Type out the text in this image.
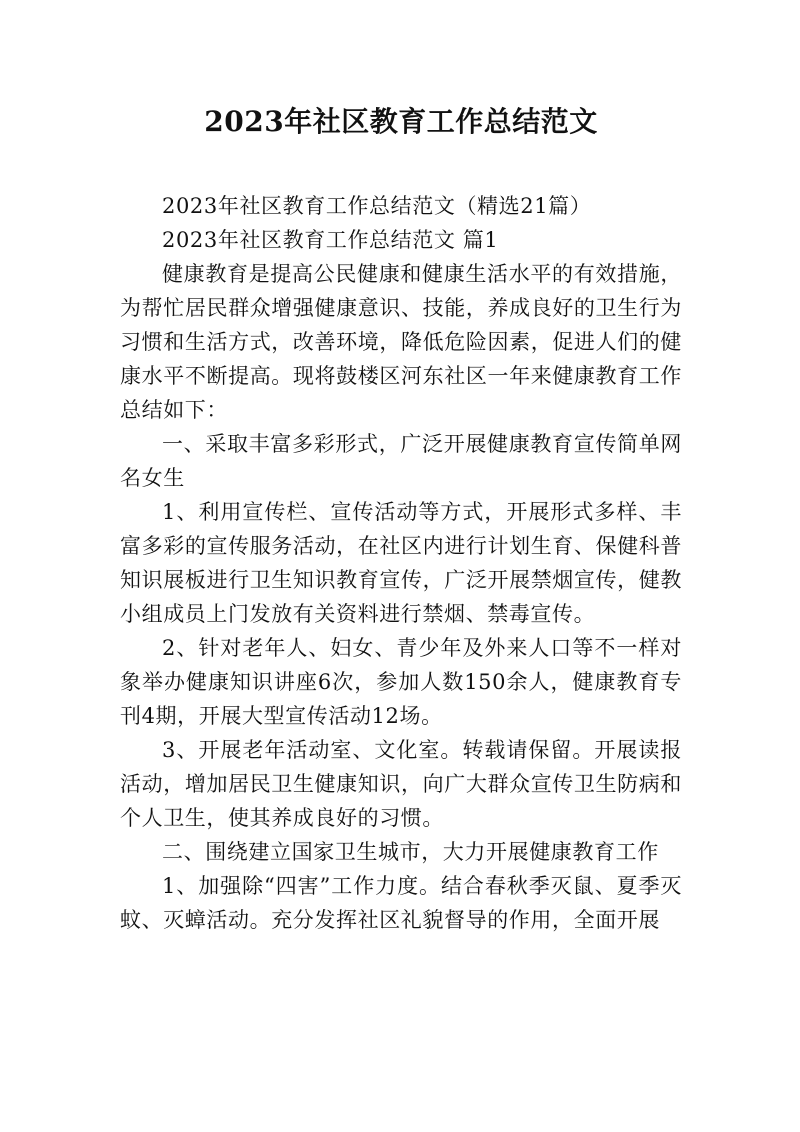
2023年社区教育工作总结范文

2023年社区教育工作总结范文（精选21篇）

2023年社区教育工作总结范文 篇1

健康教育是提高公民健康和健康生活水平的有效措施，为帮忙居民群众增强健康意识、技能，养成良好的卫生行为习惯和生活方式，改善环境，降低危险因素，促进人们的健康水平不断提高。现将鼓楼区河东社区一年来健康教育工作总结如下：

一、采取丰富多彩形式，广泛开展健康教育宣传简单网名女生

1、利用宣传栏、宣传活动等方式，开展形式多样、丰富多彩的宣传服务活动，在社区内进行计划生育、保健科普知识展板进行卫生知识教育宣传，广泛开展禁烟宣传，健教小组成员上门发放有关资料进行禁烟、禁毒宣传。

2、针对老年人、妇女、青少年及外来人口等不一样对象举办健康知识讲座6次，参加人数150余人，健康教育专刊4期，开展大型宣传活动12场。

3、开展老年活动室、文化室。转载请保留。开展读报活动，增加居民卫生健康知识，向广大群众宣传卫生防病和个人卫生，使其养成良好的习惯。

二、围绕建立国家卫生城市，大力开展健康教育工作

1、加强除“四害”工作力度。结合春秋季灭鼠、夏季灭蚊、灭蟑活动。充分发挥社区礼貌督导的作用，全面开展
